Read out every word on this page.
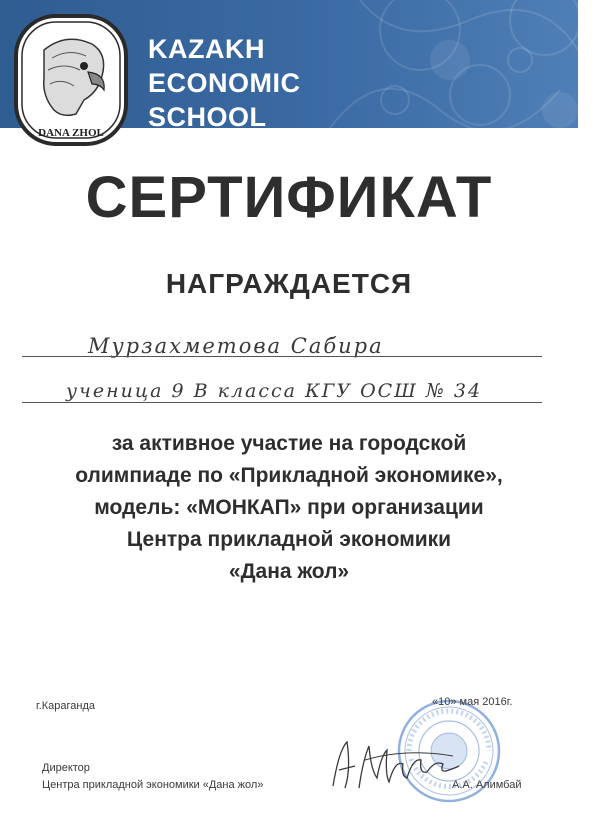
KAZAKH
ECONOMIC
SCHOOL
DANA ZHOL
СЕРТИФИКАТ
НАГРАЖДАЕТСЯ
Мурзахметова Сабира
ученица 9 В класса КГУ ОСШ № 34
за активное участие на городской
олимпиаде по «Прикладной экономике»,
модель: «МОНКАП» при организации
Центра прикладной экономики
«Дана жол»
г.Караганда	«10» мая 2016г.
Директор
Центра прикладной экономики «Дана жол»	А.А. Алимбай
